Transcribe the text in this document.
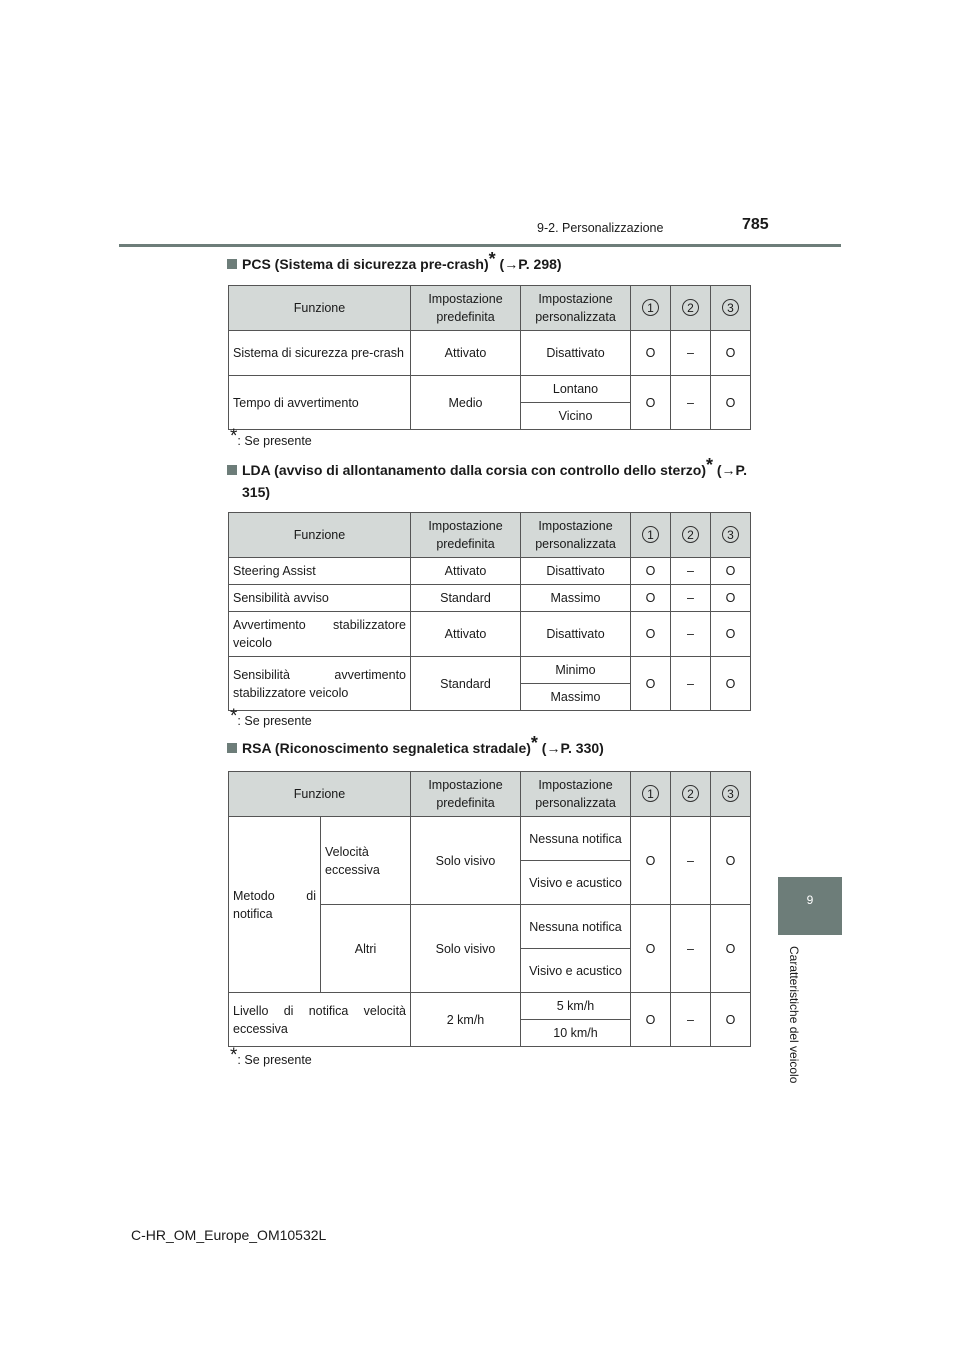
9-2. Personalizzazione	785
9
Caratteristiche del veicolo
PCS (Sistema di sicurezza pre-crash)* (→P. 298)
Funzione	Impostazione predefinita	Impostazione personalizzata	1	2	3
Sistema di sicurezza pre-crash	Attivato	Disattivato	O	–	O
Tempo di avvertimento	Medio	Lontano	O	–	O
		Vicino			
*: Se presente
LDA (avviso di allontanamento dalla corsia con controllo dello sterzo)* (→P. 315)
Funzione	Impostazione predefinita	Impostazione personalizzata	1	2	3
Steering Assist	Attivato	Disattivato	O	–	O
Sensibilità avviso	Standard	Massimo	O	–	O
Avvertimento stabilizzatore veicolo	Attivato	Disattivato	O	–	O
Sensibilità avvertimento stabilizzatore veicolo	Standard	Minimo	O	–	O
		Massimo			
*: Se presente
RSA (Riconoscimento segnaletica stradale)* (→P. 330)
Funzione		Impostazione predefinita	Impostazione personalizzata	1	2	3
Metodo di notifica	Velocità eccessiva	Solo visivo	Nessuna notifica	O	–	O
			Visivo e acustico			
	Altri	Solo visivo	Nessuna notifica	O	–	O
			Visivo e acustico			
Livello di notifica velocità eccessiva		2 km/h	5 km/h	O	–	O
			10 km/h			
*: Se presente
C-HR_OM_Europe_OM10532L
